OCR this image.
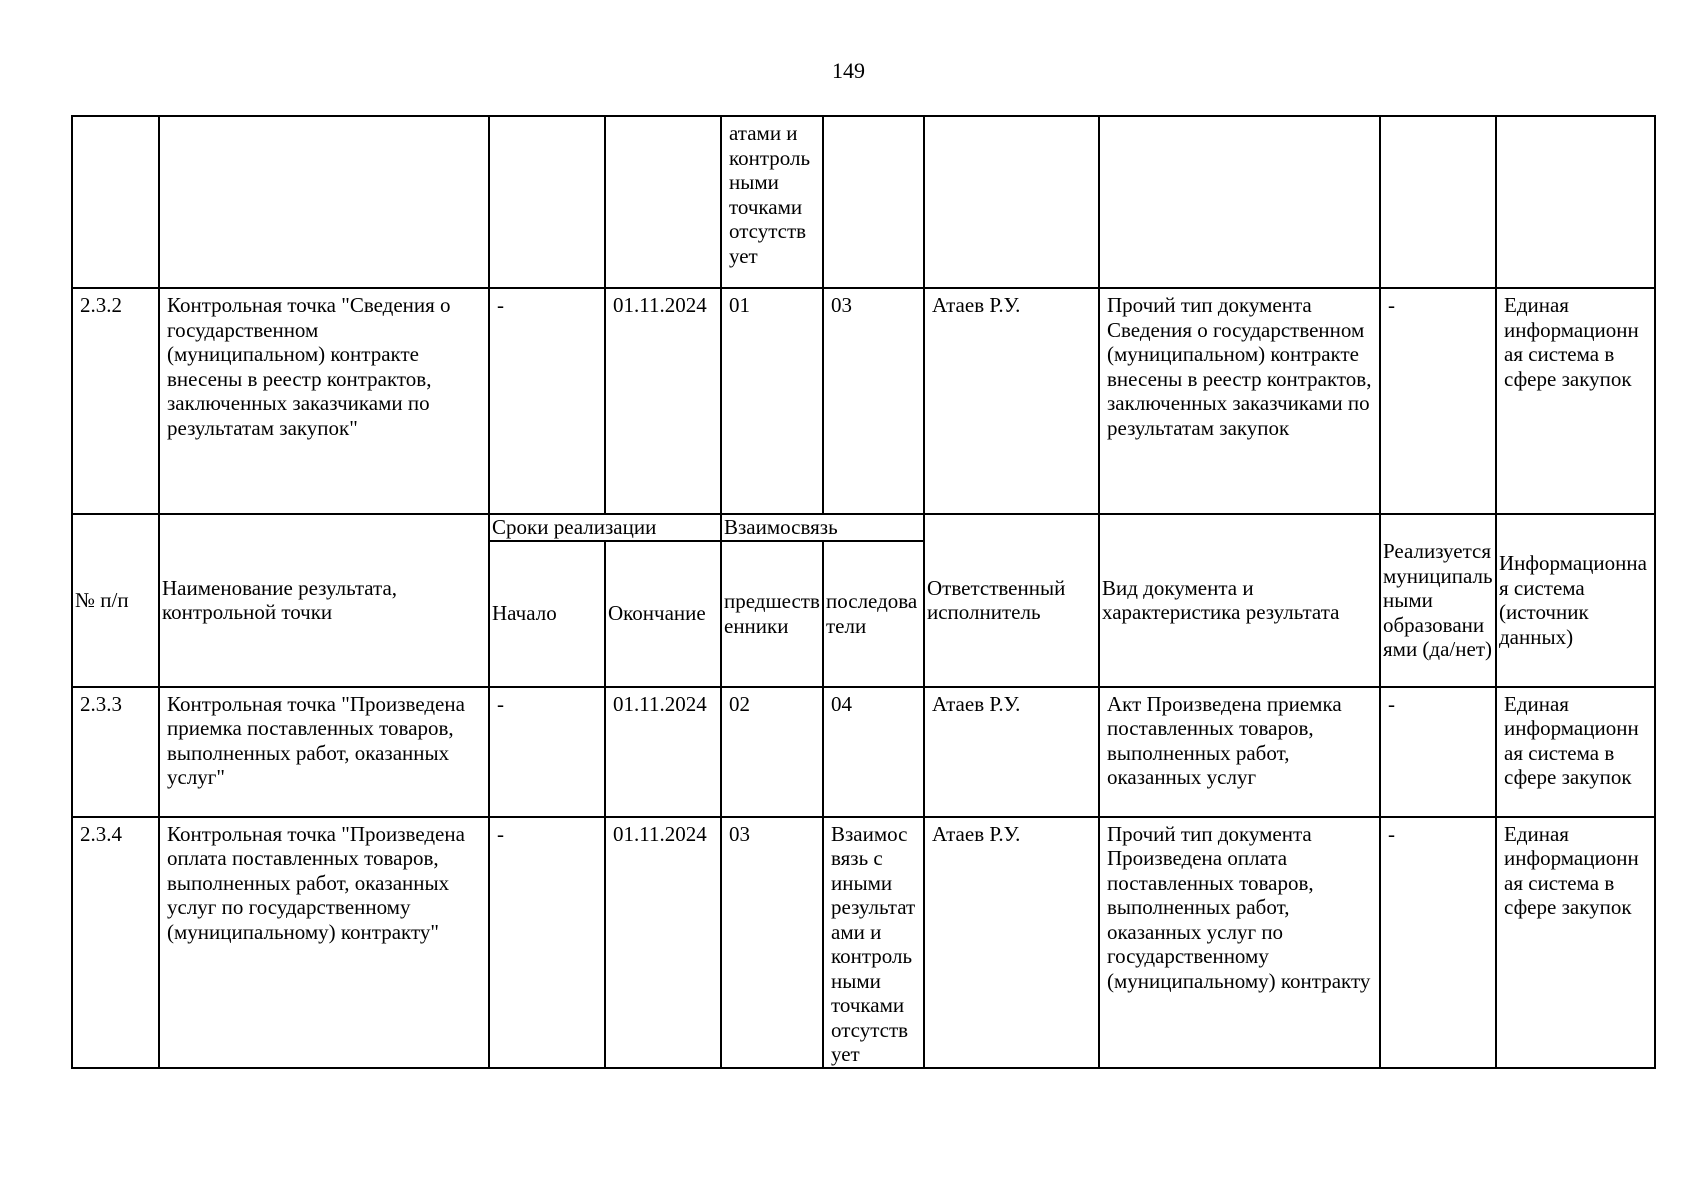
149
				атами и контрольными точками отсутствует					
2.3.2	Контрольная точка "Сведения о государственном (муниципальном) контракте внесены в реестр контрактов, заключенных заказчиками по результатам закупок"	-	01.11.2024	01	03	Атаев Р.У.	Прочий тип документа Сведения о государственном (муниципальном) контракте внесены в реестр контрактов, заключенных заказчиками по результатам закупок	-	Единая информационная система в сфере закупок
№ п/п	Наименование результата, контрольной точки	Сроки реализации		Взаимосвязь		Ответственный исполнитель	Вид документа и характеристика результата	Реализуется муниципальными образованиями (да/нет)	Информационная система (источник данных)
		Начало	Окончание	предшественники	последователи				
2.3.3	Контрольная точка "Произведена приемка поставленных товаров, выполненных работ, оказанных услуг"	-	01.11.2024	02	04	Атаев Р.У.	Акт Произведена приемка поставленных товаров, выполненных работ, оказанных услуг	-	Единая информационная система в сфере закупок
2.3.4	Контрольная точка "Произведена оплата поставленных товаров, выполненных работ, оказанных услуг по государственному (муниципальному) контракту"	-	01.11.2024	03	Взаимосвязь с иными результатами и контрольными точками отсутствует	Атаев Р.У.	Прочий тип документа Произведена оплата поставленных товаров, выполненных работ, оказанных услуг по государственному (муниципальному) контракту	-	Единая информационная система в сфере закупок
